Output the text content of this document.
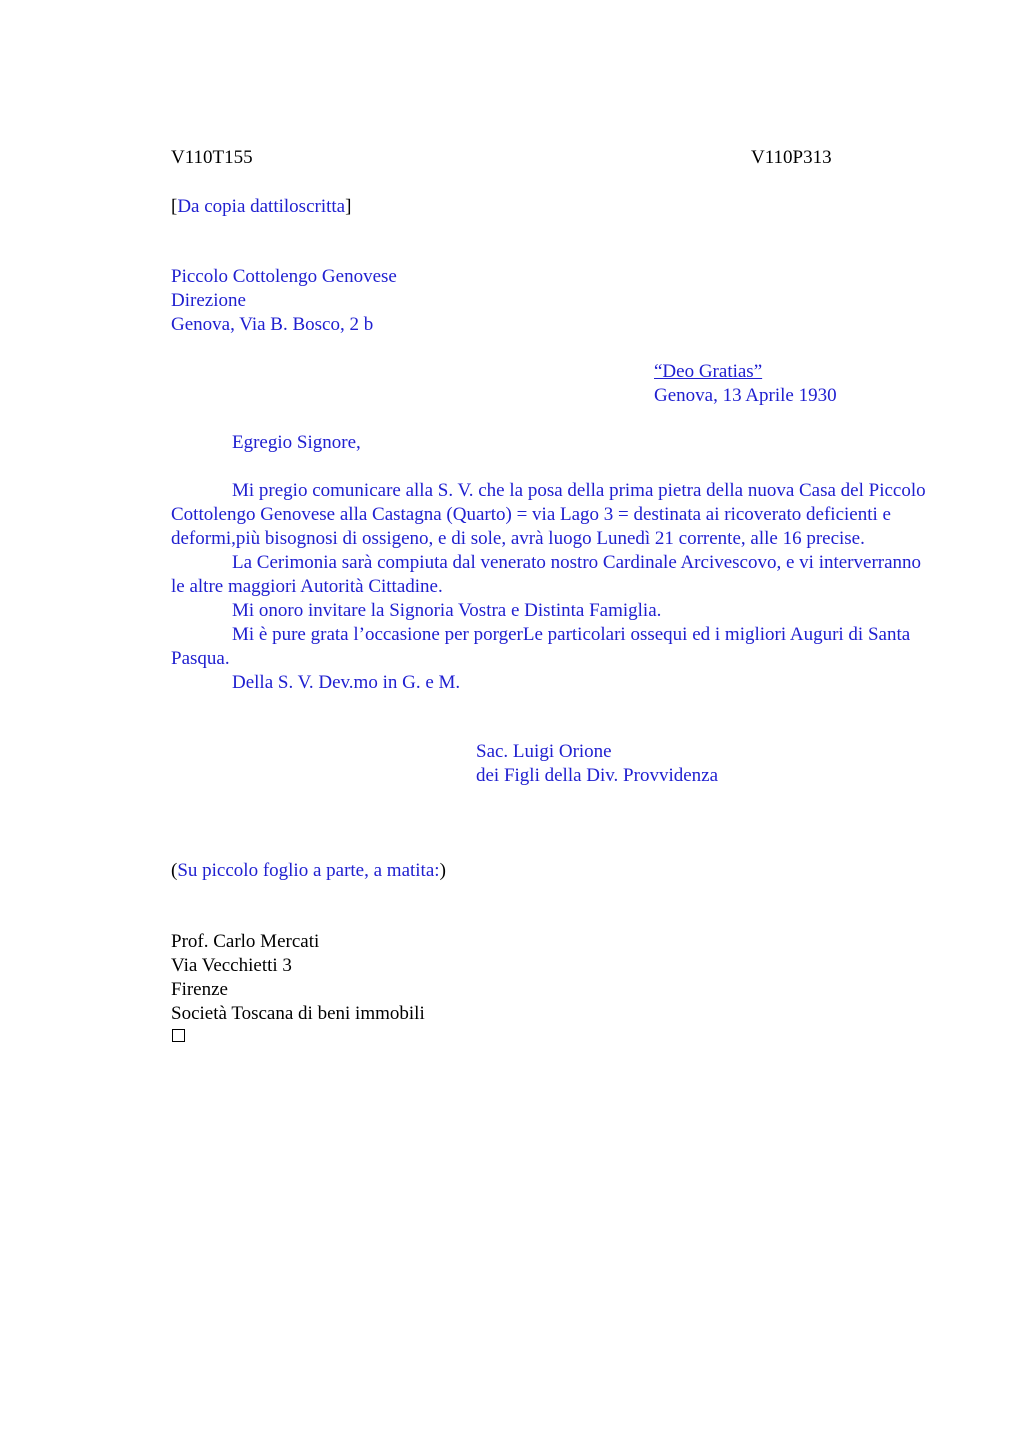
V110T155	V110P313
[Da copia dattiloscritta]
Piccolo Cottolengo Genovese
Direzione
Genova, Via B. Bosco, 2 b
“Deo Gratias”
Genova, 13 Aprile 1930
Egregio Signore,

Mi pregio comunicare alla S. V. che la posa della prima pietra della nuova Casa del Piccolo Cottolengo Genovese alla Castagna (Quarto) = via Lago 3 = destinata ai ricoverato deficienti e deformi,più bisognosi di ossigeno, e di sole, avrà luogo Lunedì 21 corrente, alle 16 precise.

La Cerimonia sarà compiuta dal venerato nostro Cardinale Arcivescovo, e vi interverranno le altre maggiori Autorità Cittadine.

Mi onoro invitare la Signoria Vostra e Distinta Famiglia.

Mi è pure grata l’occasione per porgerLe particolari ossequi ed i migliori Auguri di Santa Pasqua.

Della S. V. Dev.mo in G. e M.

Sac. Luigi Orione
dei Figli della Div. Provvidenza
(Su piccolo foglio a parte, a matita:)
Prof. Carlo Mercati
Via Vecchietti 3
Firenze
Società Toscana di beni immobili
